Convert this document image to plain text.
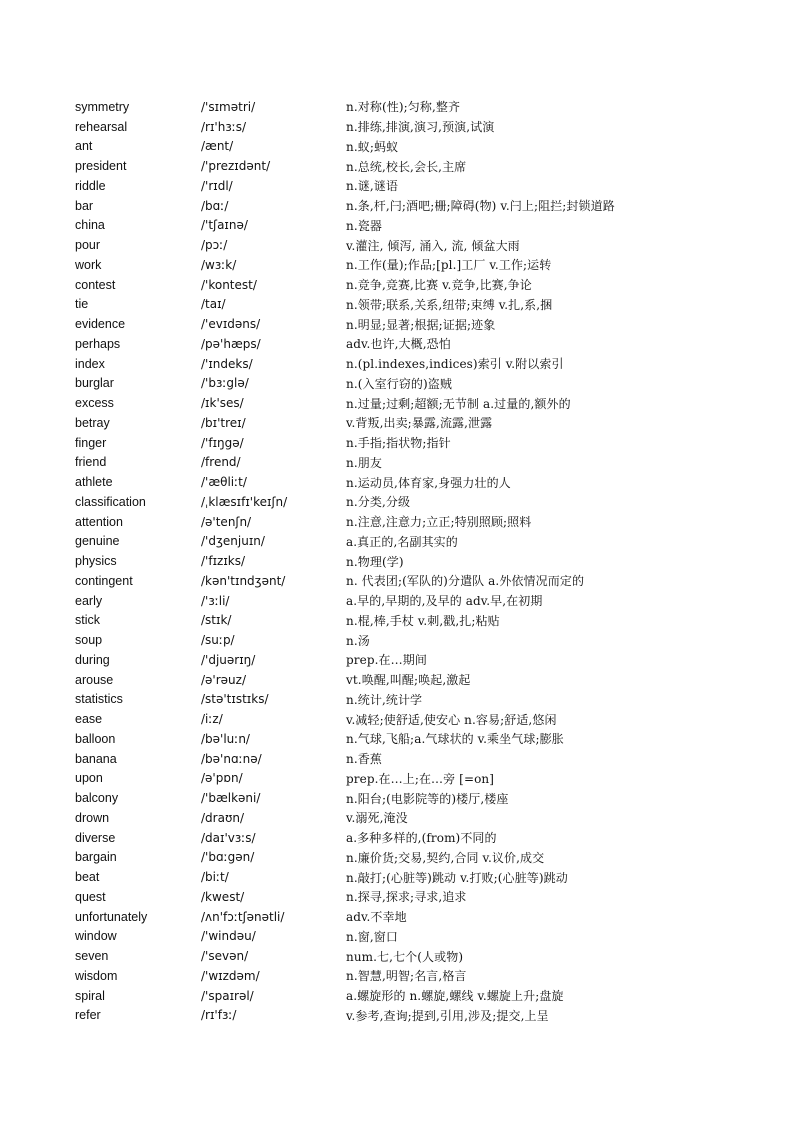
symmetry	/'sɪmətri/	n.对称(性);匀称,整齐
rehearsal	/rɪ'hɜːs/	n.排练,排演,演习,预演,试演
ant	/ænt/	n.蚁;蚂蚁
president	/'prezɪdənt/	n.总统,校长,会长,主席
riddle	/'rɪdl/	n.谜,谜语
bar	/bɑː/	n.条,杆,闩;酒吧;栅;障碍(物) v.闩上;阻拦;封锁道路
china	/'tʃaɪnə/	n.瓷器
pour	/pɔː/	v.灌注, 倾泻, 涌入, 流, 倾盆大雨
work	/wɜːk/	n.工作(量);作品;[pl.]工厂 v.工作;运转
contest	/'kontest/	n.竞争,竞赛,比赛 v.竞争,比赛,争论
tie	/taɪ/	n.领带;联系,关系,纽带;束缚 v.扎,系,捆
evidence	/'evɪdəns/	n.明显;显著;根据;证据;迹象
perhaps	/pə'hæps/	adv.也许,大概,恐怕
index	/'ɪndeks/	n.(pl.indexes,indices)索引 v.附以索引
burglar	/'bɜːglə/	n.(入室行窃的)盗贼
excess	/ɪk'ses/	n.过量;过剩;超额;无节制 a.过量的,额外的
betray	/bɪ'treɪ/	v.背叛,出卖;暴露,流露,泄露
finger	/'fɪŋgə/	n.手指;指状物;指针
friend	/frend/	n.朋友
athlete	/'æθliːt/	n.运动员,体育家,身强力壮的人
classification	/ˌklæsɪfɪ'keɪʃn/	n.分类,分级
attention	/ə'tenʃn/	n.注意,注意力;立正;特别照顾;照料
genuine	/'dʒenjuɪn/	a.真正的,名副其实的
physics	/'fɪzɪks/	n.物理(学)
contingent	/kən'tɪndʒənt/	n. 代表团;(军队的)分遣队 a.外依情况而定的
early	/'ɜːli/	a.早的,早期的,及早的 adv.早,在初期
stick	/stɪk/	n.棍,棒,手杖 v.刺,戳,扎;粘贴
soup	/suːp/	n.汤
during	/'djuərɪŋ/	prep.在…期间
arouse	/ə'rəuz/	vt.唤醒,叫醒;唤起,激起
statistics	/stə'tɪstɪks/	n.统计,统计学
ease	/iːz/	v.减轻;使舒适,使安心 n.容易;舒适,悠闲
balloon	/bə'luːn/	n.气球,飞船;a.气球状的 v.乘坐气球;膨胀
banana	/bə'nɑːnə/	n.香蕉
upon	/ə'pɒn/	prep.在…上;在…旁 [=on]
balcony	/'bælkəni/	n.阳台;(电影院等的)楼厅,楼座
drown	/draʊn/	v.溺死,淹没
diverse	/daɪ'vɜːs/	a.多种多样的,(from)不同的
bargain	/'bɑːgən/	n.廉价货;交易,契约,合同 v.议价,成交
beat	/biːt/	n.敲打;(心脏等)跳动 v.打败;(心脏等)跳动
quest	/kwest/	n.探寻,探求;寻求,追求
unfortunately	/ʌn'fɔːtʃənətli/	adv.不幸地
window	/'windəu/	n.窗,窗口
seven	/'sevən/	num.七,七个(人或物)
wisdom	/'wɪzdəm/	n.智慧,明智;名言,格言
spiral	/'spaɪrəl/	a.螺旋形的 n.螺旋,螺线 v.螺旋上升;盘旋
refer	/rɪ'fɜː/	v.参考,查询;提到,引用,涉及;提交,上呈
